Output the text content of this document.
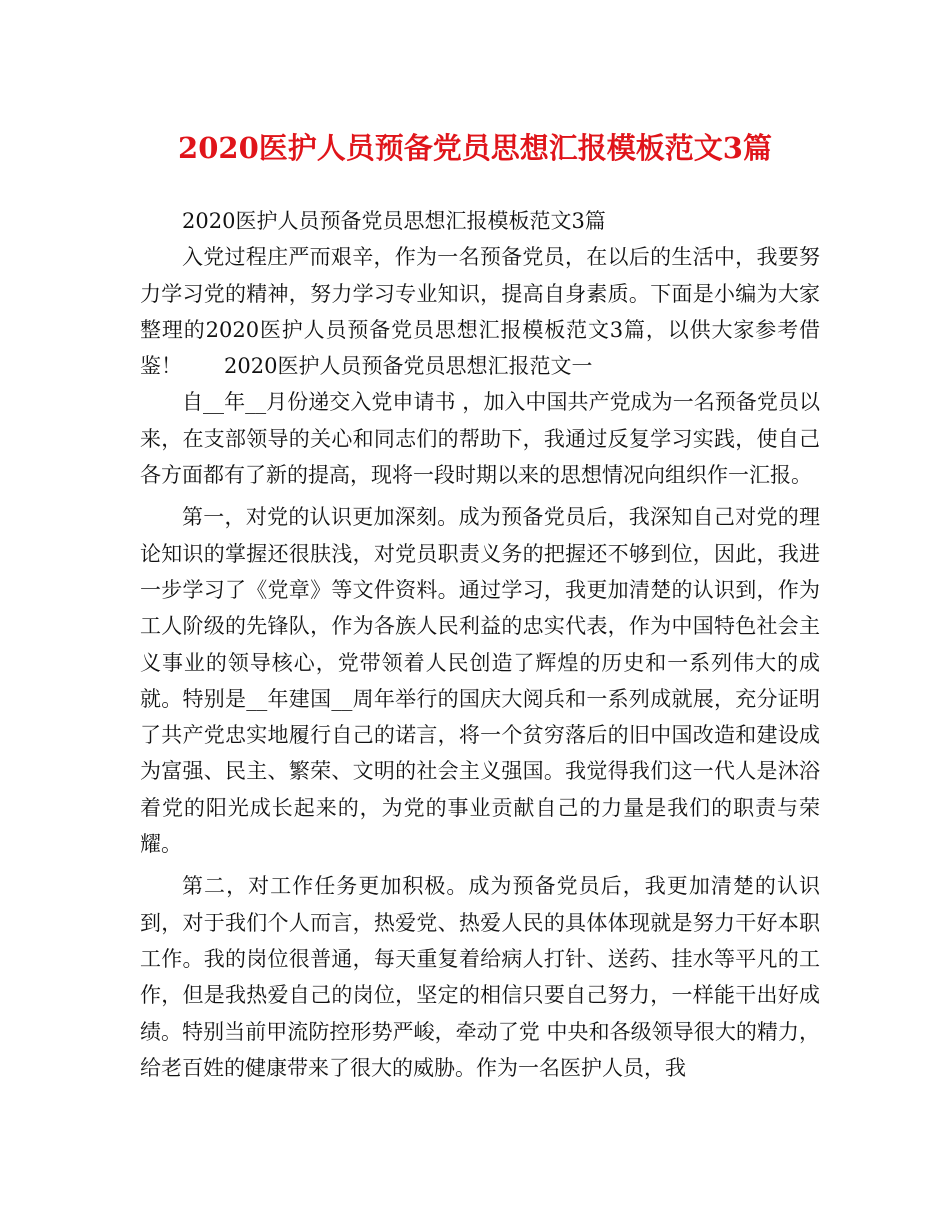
2020医护人员预备党员思想汇报模板范文3篇

2020医护人员预备党员思想汇报模板范文3篇

入党过程庄严而艰辛，作为一名预备党员，在以后的生活中，我要努力学习党的精神，努力学习专业知识，提高自身素质。下面是小编为大家整理的2020医护人员预备党员思想汇报模板范文3篇，以供大家参考借鉴！　　2020医护人员预备党员思想汇报范文一

自__年__月份递交入党申请书 ，加入中国共产党成为一名预备党员以来，在支部领导的关心和同志们的帮助下，我通过反复学习实践，使自己各方面都有了新的提高，现将一段时期以来的思想情况向组织作一汇报。

第一，对党的认识更加深刻。成为预备党员后，我深知自己对党的理论知识的掌握还很肤浅，对党员职责义务的把握还不够到位，因此，我进一步学习了《党章》等文件资料。通过学习，我更加清楚的认识到，作为工人阶级的先锋队，作为各族人民利益的忠实代表，作为中国特色社会主义事业的领导核心，党带领着人民创造了辉煌的历史和一系列伟大的成就。特别是__年建国__周年举行的国庆大阅兵和一系列成就展，充分证明了共产党忠实地履行自己的诺言，将一个贫穷落后的旧中国改造和建设成为富强、民主、繁荣、文明的社会主义强国。我觉得我们这一代人是沐浴着党的阳光成长起来的，为党的事业贡献自己的力量是我们的职责与荣耀。

第二，对工作任务更加积极。成为预备党员后，我更加清楚的认识到，对于我们个人而言，热爱党、热爱人民的具体体现就是努力干好本职工作。我的岗位很普通，每天重复着给病人打针、送药、挂水等平凡的工作，但是我热爱自己的岗位，坚定的相信只要自己努力，一样能干出好成绩。特别当前甲流防控形势严峻，牵动了党 中央和各级领导很大的精力，给老百姓的健康带来了很大的威胁。作为一名医护人员，我
